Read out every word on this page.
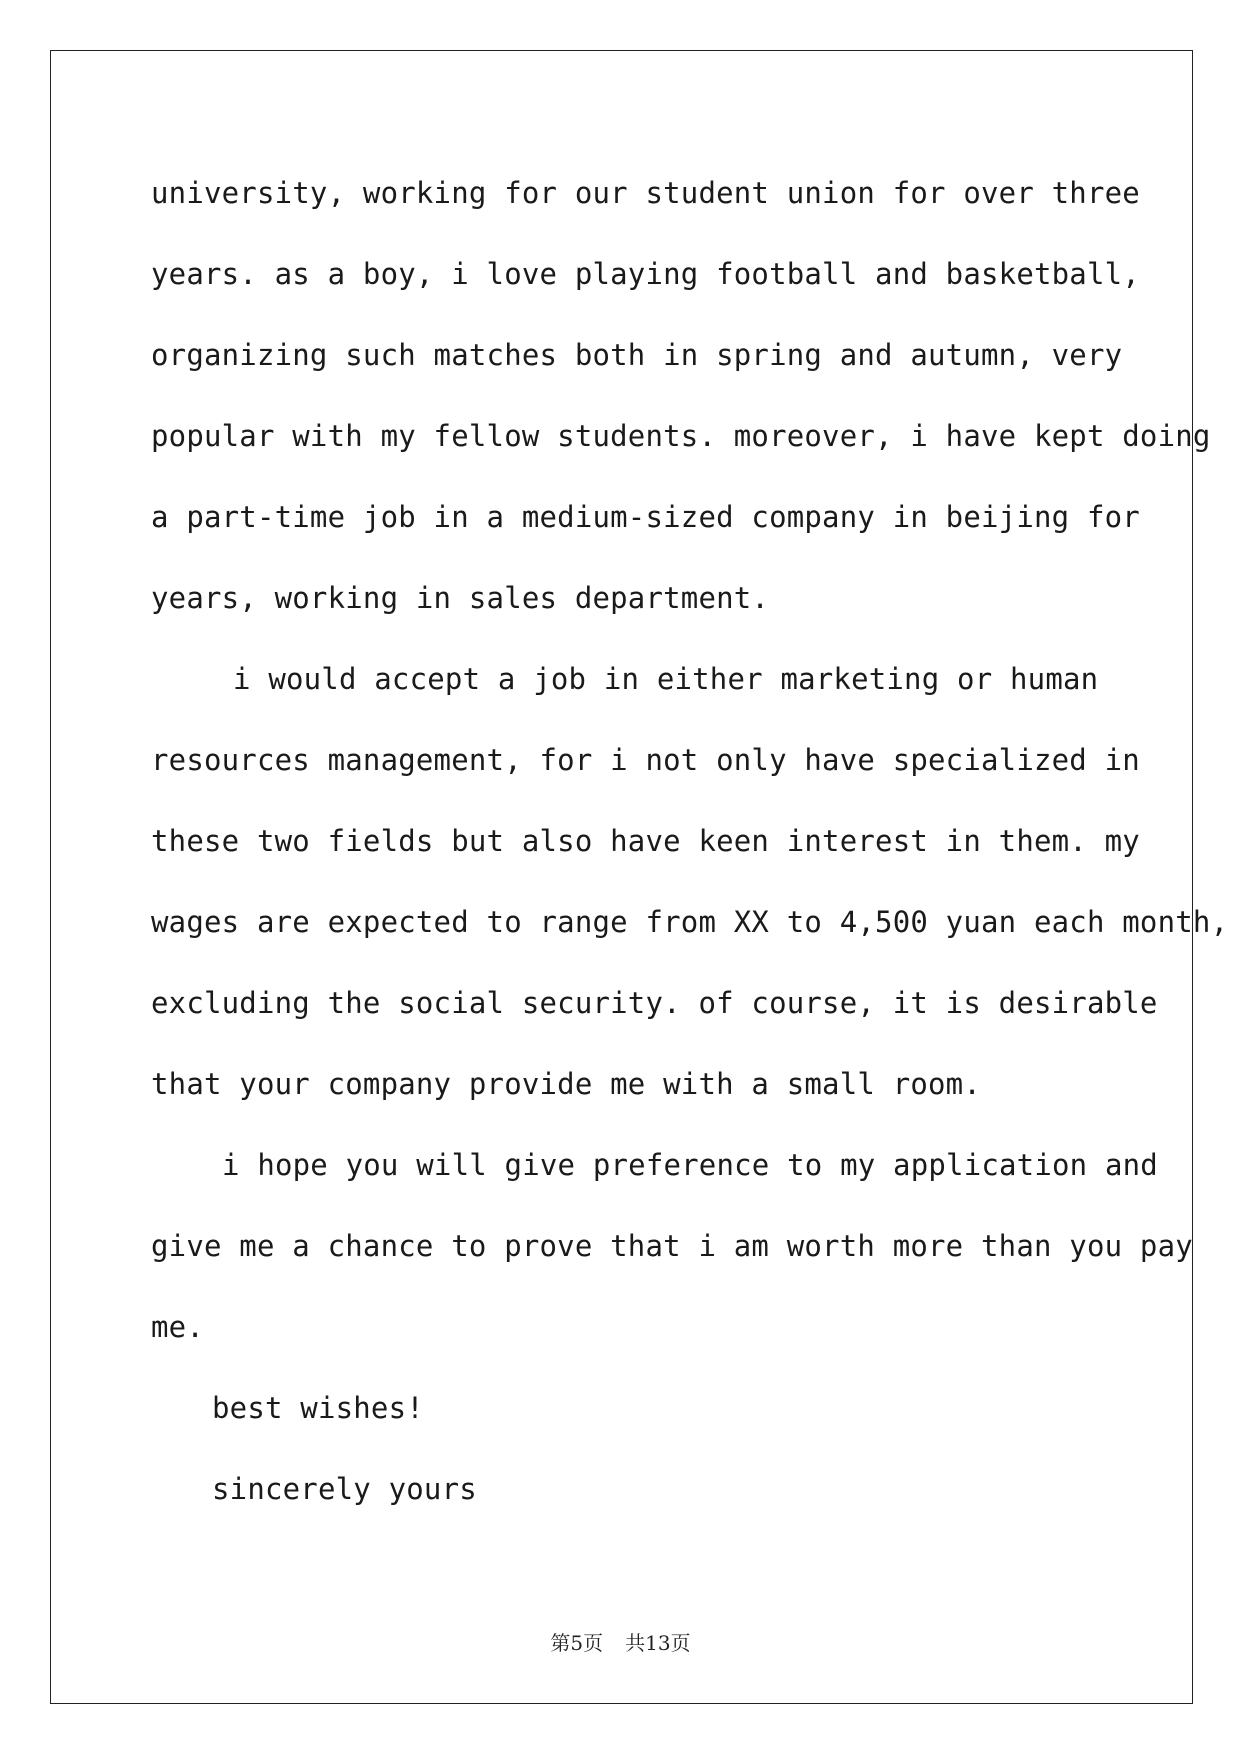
university, working for our student union for over three
years. as a boy, i love playing football and basketball,
organizing such matches both in spring and autumn, very
popular with my fellow students. moreover, i have kept doing
a part-time job in a medium-sized company in beijing for
years, working in sales department.
i would accept a job in either marketing or human
resources management, for i not only have specialized in
these two fields but also have keen interest in them. my
wages are expected to range from XX to 4,500 yuan each month,
excluding the social security. of course, it is desirable
that your company provide me with a small room.
i hope you will give preference to my application and
give me a chance to prove that i am worth more than you pay
me.
best wishes!
sincerely yours
第5页 共13页
